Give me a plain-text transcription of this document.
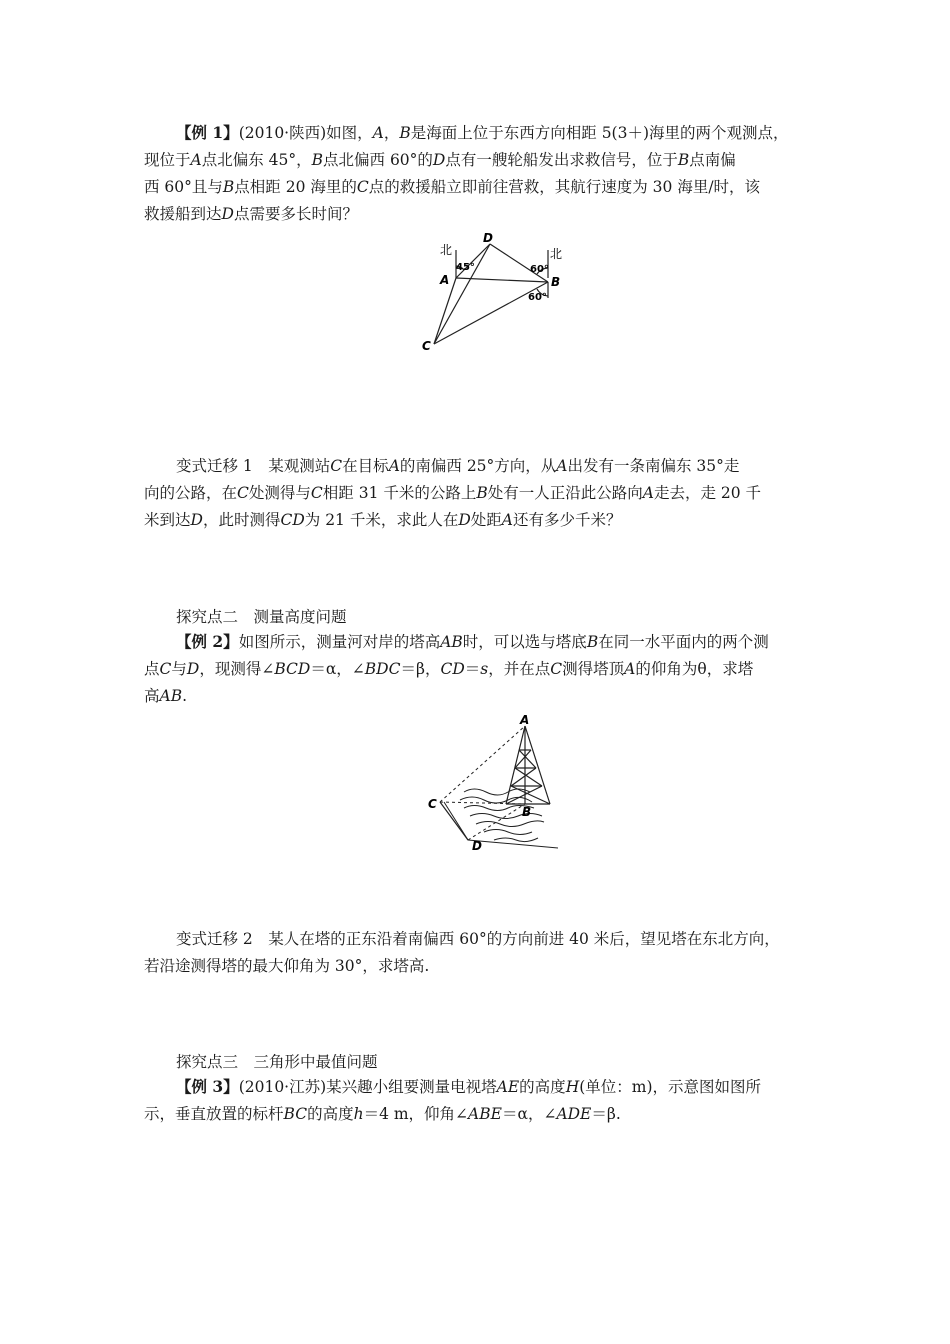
【例 1】(2010·陕西)如图，A，B是海面上位于东西方向相距 5(3＋)海里的两个观测点，

现位于A点北偏东 45°，B点北偏西 60°的D点有一艘轮船发出求救信号，位于B点南偏

西 60°且与B点相距 20 海里的C点的救援船立即前往营救，其航行速度为 30 海里/时，该

救援船到达D点需要多长时间？

北	北
45°	60°
60°
A	B
C
D

变式迁移 1　某观测站C在目标A的南偏西 25°方向，从A出发有一条南偏东 35°走

向的公路，在C处测得与C相距 31 千米的公路上B处有一人正沿此公路向A走去，走 20 千

米到达D，此时测得CD为 21 千米，求此人在D处距A还有多少千米？

探究点二　测量高度问题

【例 2】如图所示，测量河对岸的塔高AB时，可以选与塔底B在同一水平面内的两个测

点C与D，现测得∠BCD＝α，∠BDC＝β，CD＝s，并在点C测得塔顶A的仰角为θ，求塔

高AB.

A
B
C
D

变式迁移 2　某人在塔的正东沿着南偏西 60°的方向前进 40 米后，望见塔在东北方向，

若沿途测得塔的最大仰角为 30°，求塔高.

探究点三　三角形中最值问题

【例 3】(2010·江苏)某兴趣小组要测量电视塔AE的高度H(单位：m)，示意图如图所

示，垂直放置的标杆BC的高度h＝4 m，仰角∠ABE＝α，∠ADE＝β.
